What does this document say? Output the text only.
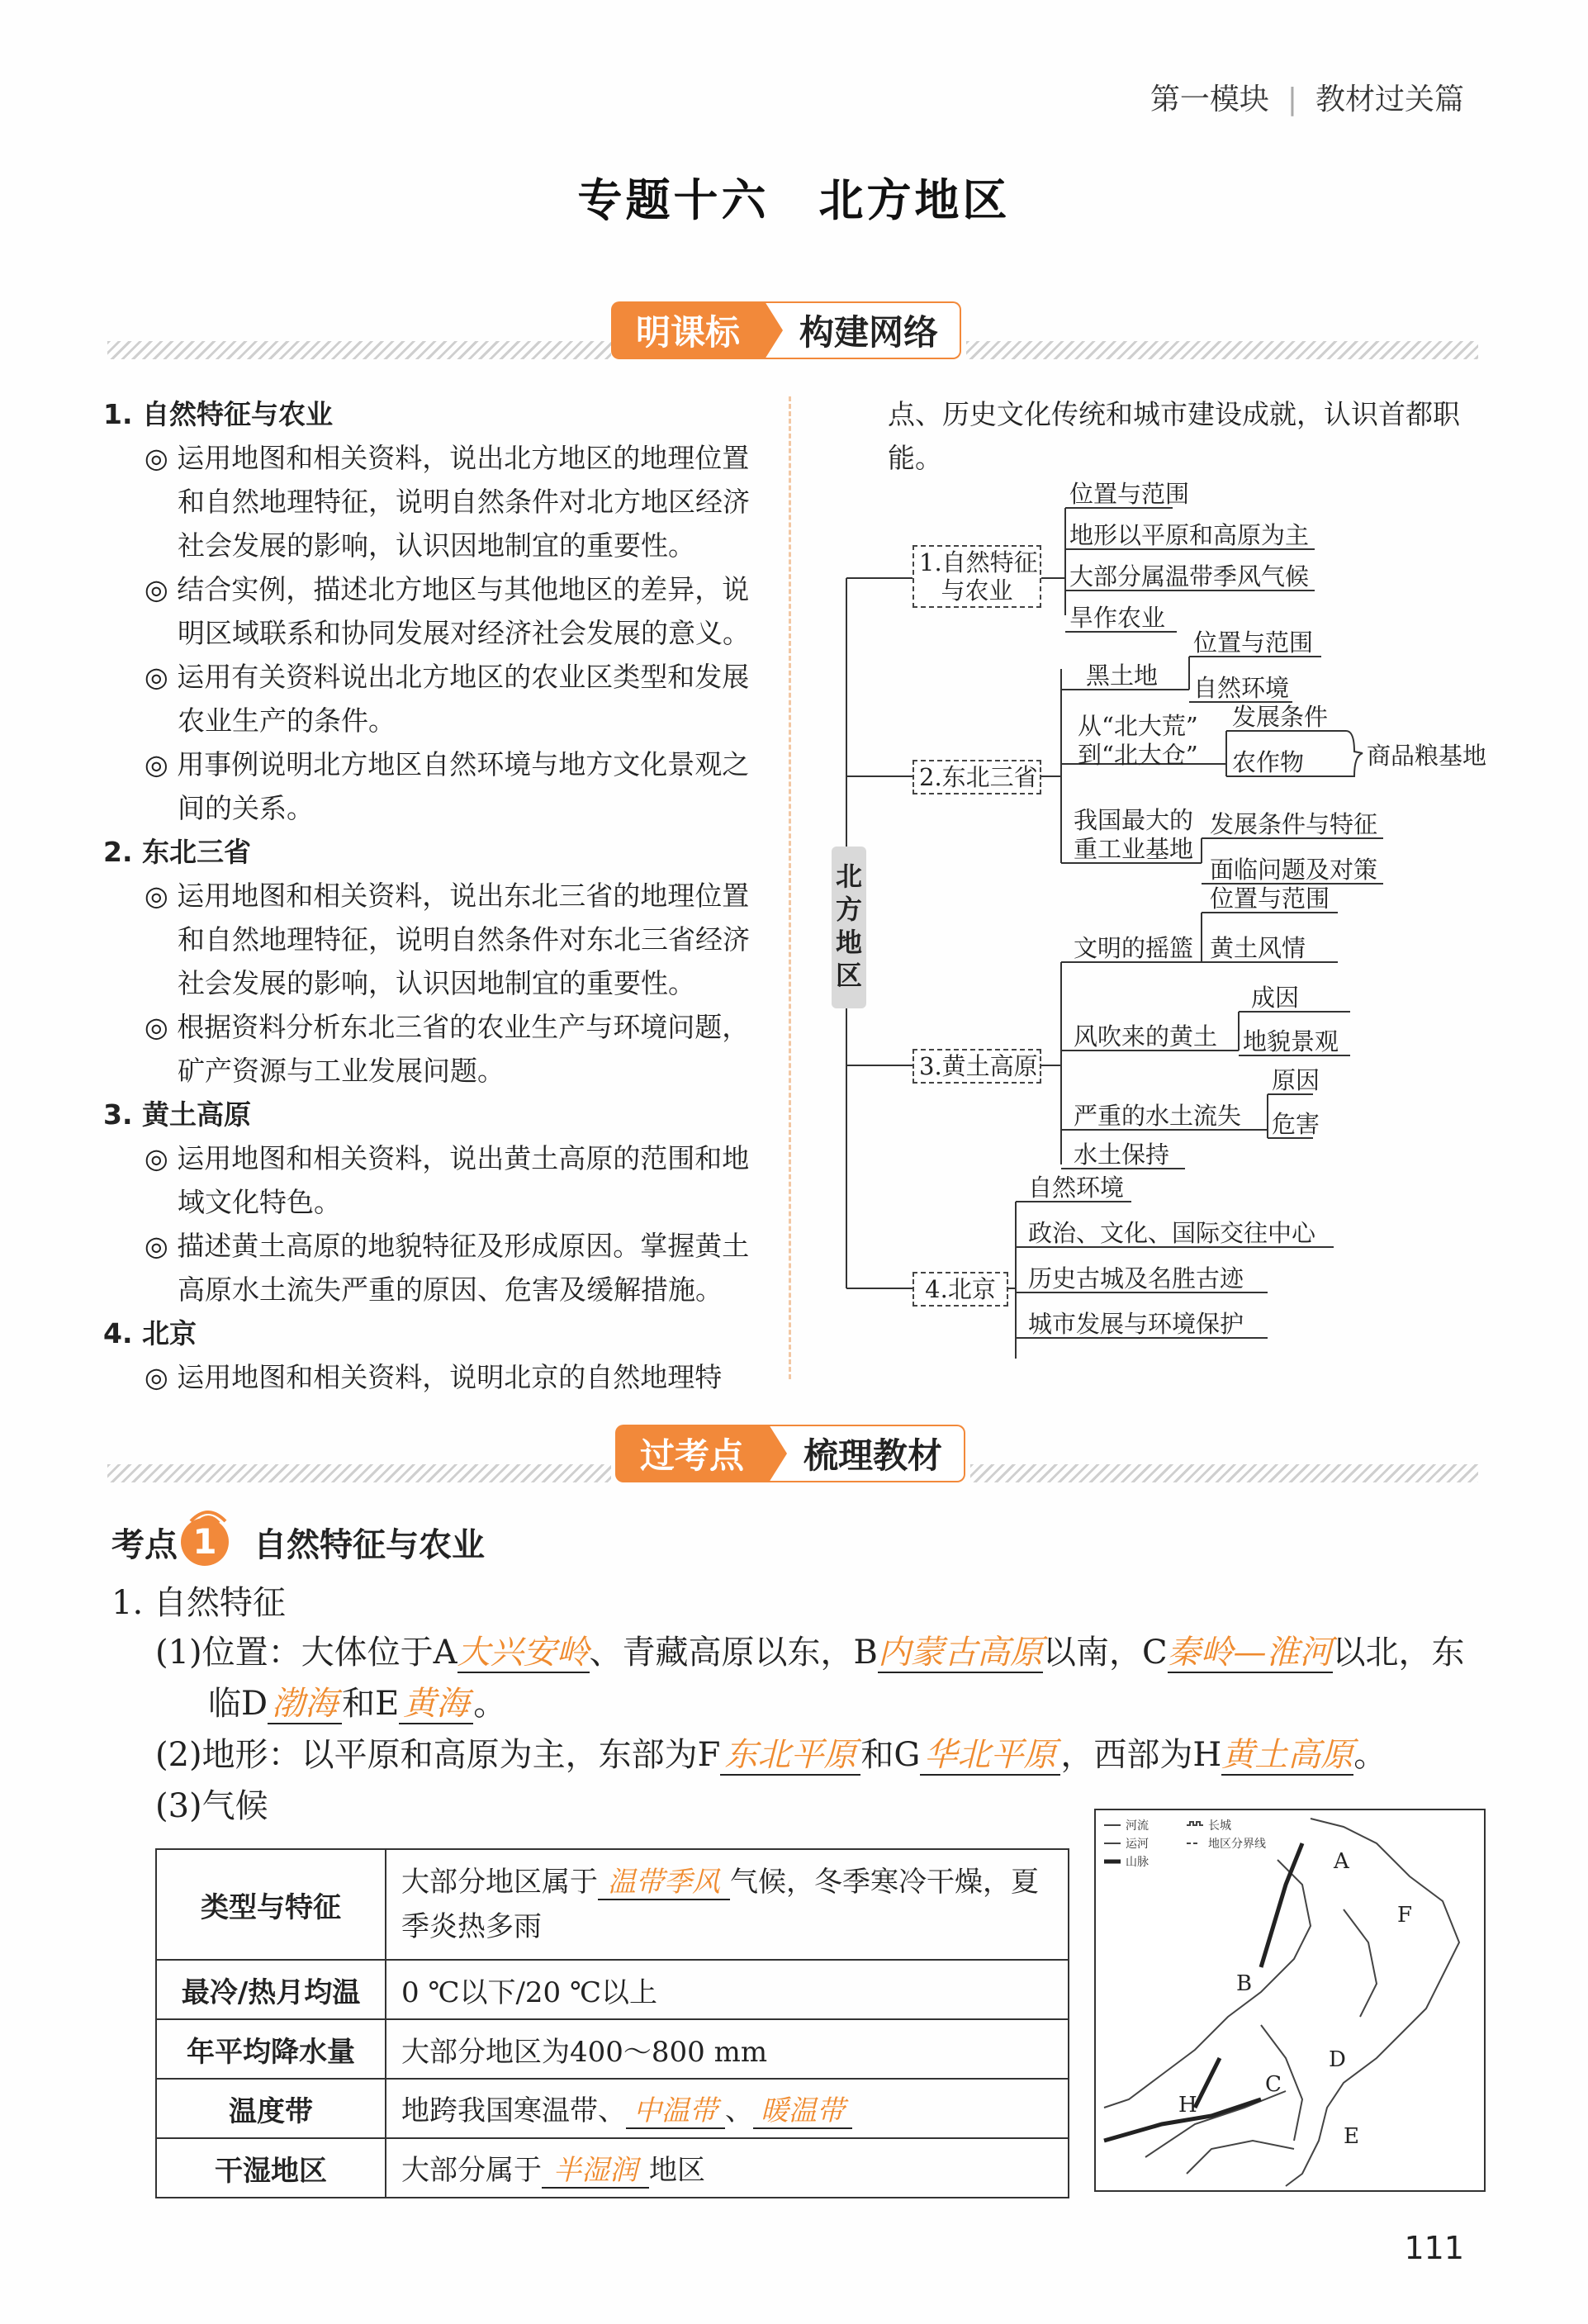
第一模块 | 教材过关篇
专题十六 北方地区
明课标	构建网络
1. 自然特征与农业
◎ 运用地图和相关资料，说出北方地区的地理位置和自然地理特征，说明自然条件对北方地区经济社会发展的影响，认识因地制宜的重要性。
◎ 结合实例，描述北方地区与其他地区的差异，说明区域联系和协同发展对经济社会发展的意义。
◎ 运用有关资料说出北方地区的农业区类型和发展农业生产的条件。
◎ 用事例说明北方地区自然环境与地方文化景观之间的关系。
2. 东北三省
◎ 运用地图和相关资料，说出东北三省的地理位置和自然地理特征，说明自然条件对东北三省经济社会发展的影响，认识因地制宜的重要性。
◎ 根据资料分析东北三省的农业生产与环境问题，矿产资源与工业发展问题。
3. 黄土高原
◎ 运用地图和相关资料，说出黄土高原的范围和地域文化特色。
◎ 描述黄土高原的地貌特征及形成原因。掌握黄土高原水土流失严重的原因、危害及缓解措施。
4. 北京
◎ 运用地图和相关资料，说明北京的自然地理特
点、历史文化传统和城市建设成就，认识首都职能。
北
方
地
区
1.自然特征
与农业
位置与范围
地形以平原和高原为主
大部分属温带季风气候
旱作农业
2.东北三省
黑土地
位置与范围
自然环境
从“北大荒”
到“北大仓”
发展条件
农作物	商品粮基地
我国最大的
重工业基地
发展条件与特征
面临问题及对策
3.黄土高原
文明的摇篮
位置与范围
黄土风情
风吹来的黄土
成因
地貌景观
严重的水土流失
原因
危害
水土保持
4.北京
自然环境
政治、文化、国际交往中心
历史古城及名胜古迹
城市发展与环境保护
过考点	梳理教材
考点 1	自然特征与农业
1. 自然特征
(1)位置：大体位于A大兴安岭、青藏高原以东，B内蒙古高原以南，C秦岭—淮河以北，东
临D 渤海 和E 黄海 。
(2)地形：以平原和高原为主，东部为F 东北平原 和G 华北平原 ，西部为H黄土高原。
(3)气候
类型与特征	大部分地区属于 温带季风 气候，冬季寒冷干燥，夏季炎热多雨
最冷/热月均温	0 ℃以下/20 ℃以上
年平均降水量	大部分地区为400～800 mm
温度带	地跨我国寒温带、 中温带 、 暖温带
干湿地区	大部分属于 半湿润 地区
河流	长城
运河	地区分界线
山脉	A
F
B
C
D
E
H
111
